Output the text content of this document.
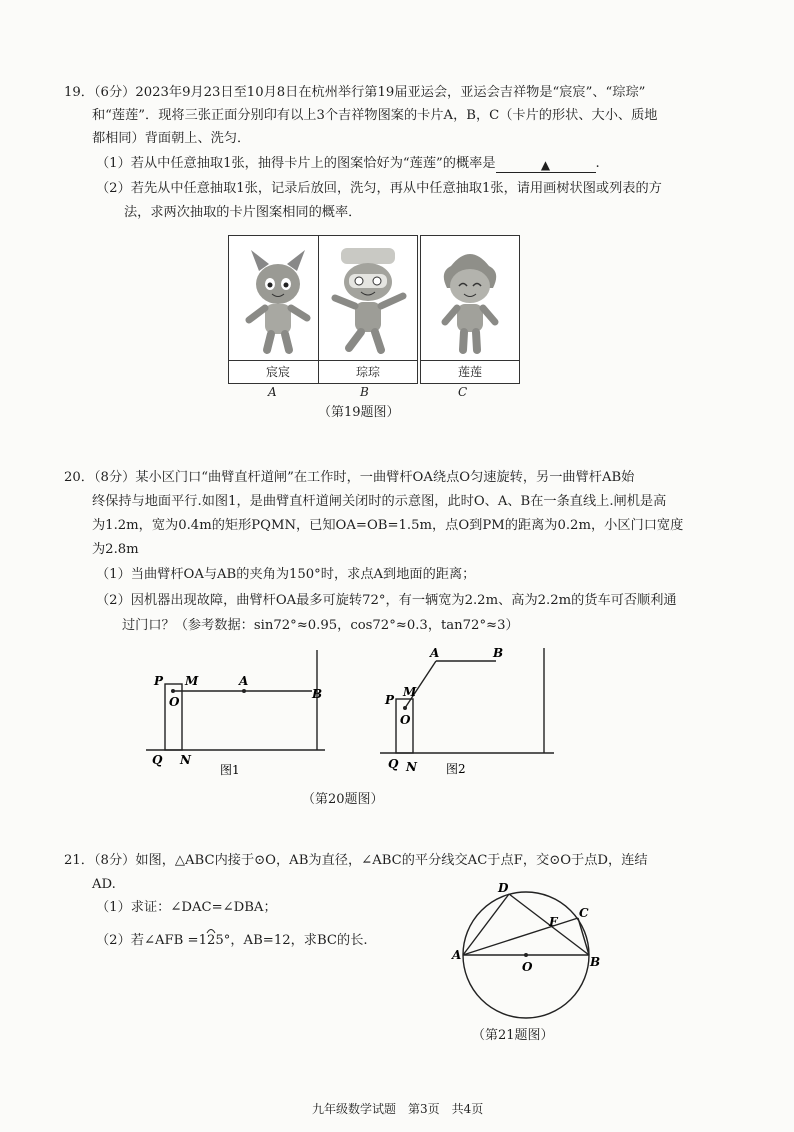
19．（6分）2023年9月23日至10月8日在杭州举行第19届亚运会，亚运会吉祥物是“宸宸”、“琮琮”
和“莲莲”．现将三张正面分别印有以上3个吉祥物图案的卡片A，B，C（卡片的形状、大小、质地
都相同）背面朝上、洗匀．
（1）若从中任意抽取1张，抽得卡片上的图案恰好为“莲莲”的概率是	▲	.
（2）若先从中任意抽取1张，记录后放回，洗匀，再从中任意抽取1张，请用画树状图或列表的方
法，求两次抽取的卡片图案相同的概率．
宸宸	琮琮	莲莲
A	B	C
（第19题图）
20．（8分）某小区门口“曲臂直杆道闸”在工作时，一曲臂杆OA绕点O匀速旋转，另一曲臂杆AB始
终保持与地面平行.如图1，是曲臂直杆道闸关闭时的示意图，此时O、A、B在一条直线上.闸机是高
为1.2m，宽为0.4m的矩形PQMN，已知OA=OB=1.5m，点O到PM的距离为0.2m，小区门口宽度
为2.8m
（1）当曲臂杆OA与AB的夹角为150°时，求点A到地面的距离；
（2）因机器出现故障，曲臂杆OA最多可旋转72°，有一辆宽为2.2m、高为2.2m的货车可否顺利通
过门口？（参考数据：sin72°≈0.95，cos72°≈0.3，tan72°≈3）
P M
O
A
B
Q N
图1
A	B
M
P
O
Q N 图2
（第20题图）
21．（8分）如图，△ABC内接于⊙O，AB为直径，∠ABC的平分线交AC于点F，交⊙O于点D，连结
AD.
（1）求证：∠DAC=∠DBA；
（2）若∠AFB =125°，AB=12，求BC的长.
D
F
C
A
O	B
（第21题图）
九年级数学试题　第3页　共4页
